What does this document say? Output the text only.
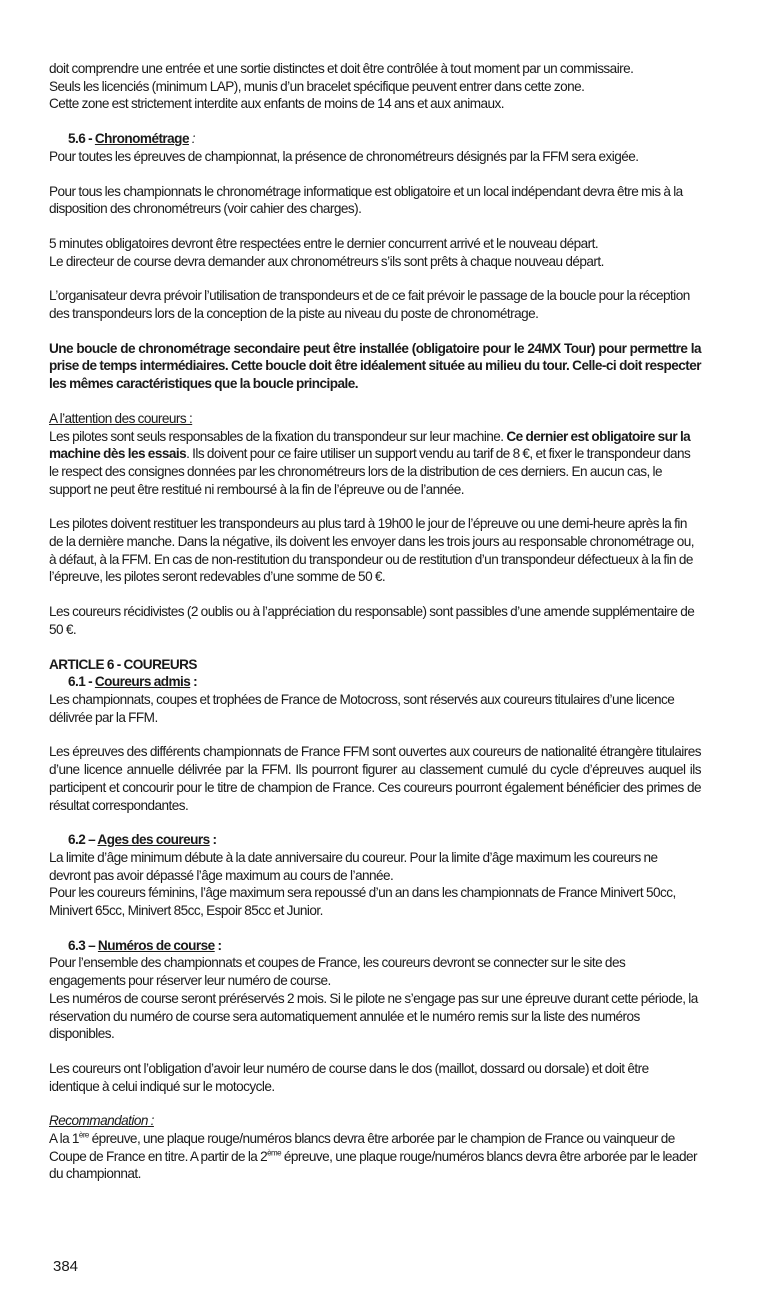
doit comprendre une entrée et une sortie distinctes et doit être contrôlée à tout moment par un commissaire.

Seuls les licenciés (minimum LAP), munis d’un bracelet spécifique peuvent entrer dans cette zone.

Cette zone est strictement interdite aux enfants de moins de 14 ans et aux animaux.

5.6 - Chronométrage :

Pour toutes les épreuves de championnat, la présence de chronométreurs désignés par la FFM sera exigée.

Pour tous les championnats le chronométrage informatique est obligatoire et un local indépendant devra être mis à la disposition des chronométreurs (voir cahier des charges).

5 minutes obligatoires devront être respectées entre le dernier concurrent arrivé et le nouveau départ.

Le directeur de course devra demander aux chronométreurs s’ils sont prêts à chaque nouveau départ.

L’organisateur devra prévoir l’utilisation de transpondeurs et de ce fait prévoir le passage de la boucle pour la réception des transpondeurs lors de la conception de la piste au niveau du poste de chronométrage.

Une boucle de chronométrage secondaire peut être installée (obligatoire pour le 24MX Tour) pour permettre la prise de temps intermédiaires. Cette boucle doit être idéalement située au milieu du tour. Celle-ci doit respecter les mêmes caractéristiques que la boucle principale.

A l’attention des coureurs :

Les pilotes sont seuls responsables de la fixation du transpondeur sur leur machine. Ce dernier est obligatoire sur la machine dès les essais. Ils doivent pour ce faire utiliser un support vendu au tarif de 8 €, et fixer le transpondeur dans le respect des consignes données par les chronométreurs lors de la distribution de ces derniers. En aucun cas, le support ne peut être restitué ni remboursé à la fin de l’épreuve ou de l’année.

Les pilotes doivent restituer les transpondeurs au plus tard à 19h00 le jour de l’épreuve ou une demi-heure après la fin de la dernière manche. Dans la négative, ils doivent les envoyer dans les trois jours au responsable chronométrage ou, à défaut, à la FFM. En cas de non-restitution du transpondeur ou de restitution d’un transpondeur défectueux à la fin de l’épreuve, les pilotes seront redevables d’une somme de 50 €.

Les coureurs récidivistes (2 oublis ou à l’appréciation du responsable) sont passibles d’une amende supplémentaire de 50 €.

ARTICLE 6 - COUREURS

6.1 - Coureurs admis :

Les championnats, coupes et trophées de France de Motocross, sont réservés aux coureurs titulaires d’une licence délivrée par la FFM.

Les épreuves des différents championnats de France FFM sont ouvertes aux coureurs de nationalité étrangère titulaires d’une licence annuelle délivrée par la FFM. Ils pourront figurer au classement cumulé du cycle d’épreuves auquel ils participent et concourir pour le titre de champion de France. Ces coureurs pourront également bénéficier des primes de résultat correspondantes.

6.2 – Ages des coureurs :

La limite d’âge minimum débute à la date anniversaire du coureur. Pour la limite d’âge maximum les coureurs ne devront pas avoir dépassé l’âge maximum au cours de l’année.

Pour les coureurs féminins, l’âge maximum sera repoussé d’un an dans les championnats de France Minivert 50cc, Minivert 65cc, Minivert 85cc, Espoir 85cc et Junior.

6.3 – Numéros de course :

Pour l’ensemble des championnats et coupes de France, les coureurs devront se connecter sur le site des engagements pour réserver leur numéro de course.

Les numéros de course seront préréservés 2 mois. Si le pilote ne s’engage pas sur une épreuve durant cette période, la réservation du numéro de course sera automatiquement annulée et le numéro remis sur la liste des numéros disponibles.

Les coureurs ont l’obligation d’avoir leur numéro de course dans le dos (maillot, dossard ou dorsale) et doit être identique à celui indiqué sur le motocycle.

Recommandation :

A la 1ère épreuve, une plaque rouge/numéros blancs devra être arborée par le champion de France ou vainqueur de Coupe de France en titre. A partir de la 2ème épreuve, une plaque rouge/numéros blancs devra être arborée par le leader du championnat.

384
